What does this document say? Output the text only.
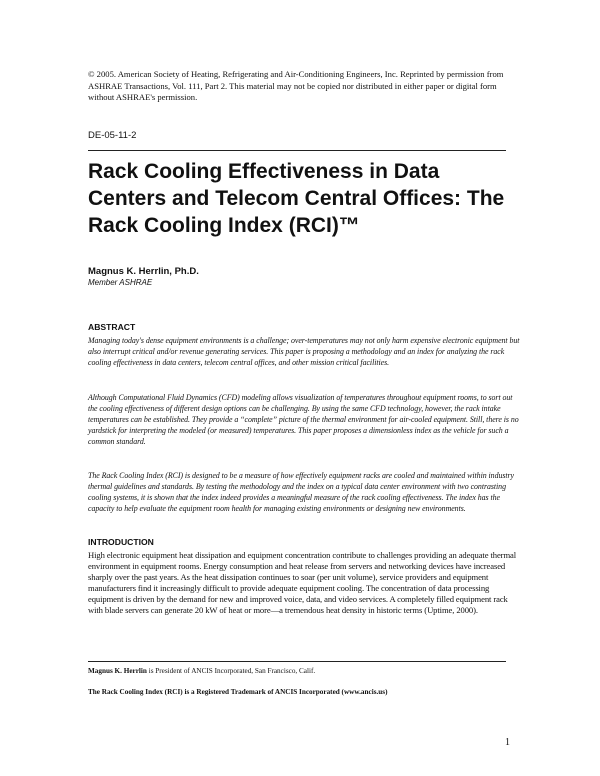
© 2005. American Society of Heating, Refrigerating and Air-Conditioning Engineers, Inc. Reprinted by permission from ASHRAE Transactions, Vol. 111, Part 2. This material may not be copied nor distributed in either paper or digital form without ASHRAE's permission.
DE-05-11-2
Rack Cooling Effectiveness in Data Centers and Telecom Central Offices: The Rack Cooling Index (RCI)™
Magnus K. Herrlin, Ph.D.
Member ASHRAE
ABSTRACT

Managing today's dense equipment environments is a challenge; over-temperatures may not only harm expensive electronic equipment but also interrupt critical and/or revenue generating services. This paper is proposing a methodology and an index for analyzing the rack cooling effectiveness in data centers, telecom central offices, and other mission critical facilities.

Although Computational Fluid Dynamics (CFD) modeling allows visualization of temperatures throughout equipment rooms, to sort out the cooling effectiveness of different design options can be challenging. By using the same CFD technology, however, the rack intake temperatures can be established. They provide a “complete” picture of the thermal environment for air-cooled equipment. Still, there is no yardstick for interpreting the modeled (or measured) temperatures. This paper proposes a dimensionless index as the vehicle for such a common standard.

The Rack Cooling Index (RCI) is designed to be a measure of how effectively equipment racks are cooled and maintained within industry thermal guidelines and standards. By testing the methodology and the index on a typical data center environment with two contrasting cooling systems, it is shown that the index indeed provides a meaningful measure of the rack cooling effectiveness. The index has the capacity to help evaluate the equipment room health for managing existing environments or designing new environments.

INTRODUCTION

High electronic equipment heat dissipation and equipment concentration contribute to challenges providing an adequate thermal environment in equipment rooms. Energy consumption and heat release from servers and networking devices have increased sharply over the past years. As the heat dissipation continues to soar (per unit volume), service providers and equipment manufacturers find it increasingly difficult to provide adequate equipment cooling. The concentration of data processing equipment is driven by the demand for new and improved voice, data, and video services. A completely filled equipment rack with blade servers can generate 20 kW of heat or more—a tremendous heat density in historic terms (Uptime, 2000).

Magnus K. Herrlin is President of ANCIS Incorporated, San Francisco, Calif.
The Rack Cooling Index (RCI) is a Registered Trademark of ANCIS Incorporated (www.ancis.us)
1
